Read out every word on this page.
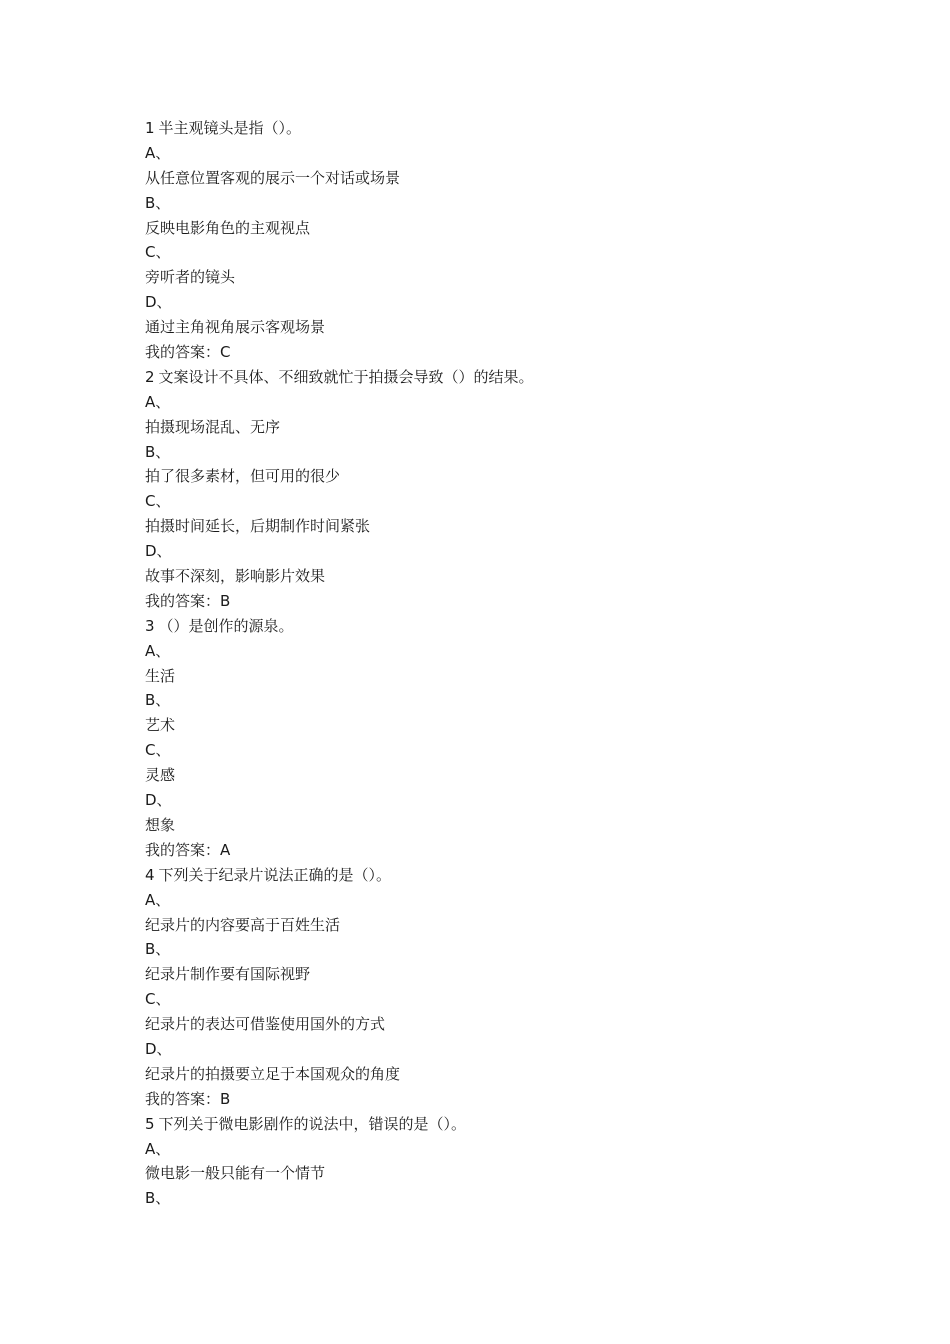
1 半主观镜头是指（）。
A、
从任意位置客观的展示一个对话或场景
B、
反映电影角色的主观视点
C、
旁听者的镜头
D、
通过主角视角展示客观场景
我的答案：C
2 文案设计不具体、不细致就忙于拍摄会导致（）的结果。
A、
拍摄现场混乱、无序
B、
拍了很多素材，但可用的很少
C、
拍摄时间延长，后期制作时间紧张
D、
故事不深刻，影响影片效果
我的答案：B
3 （）是创作的源泉。
A、
生活
B、
艺术
C、
灵感
D、
想象
我的答案：A
4 下列关于纪录片说法正确的是（）。
A、
纪录片的内容要高于百姓生活
B、
纪录片制作要有国际视野
C、
纪录片的表达可借鉴使用国外的方式
D、
纪录片的拍摄要立足于本国观众的角度
我的答案：B
5 下列关于微电影剧作的说法中，错误的是（）。
A、
微电影一般只能有一个情节
B、
